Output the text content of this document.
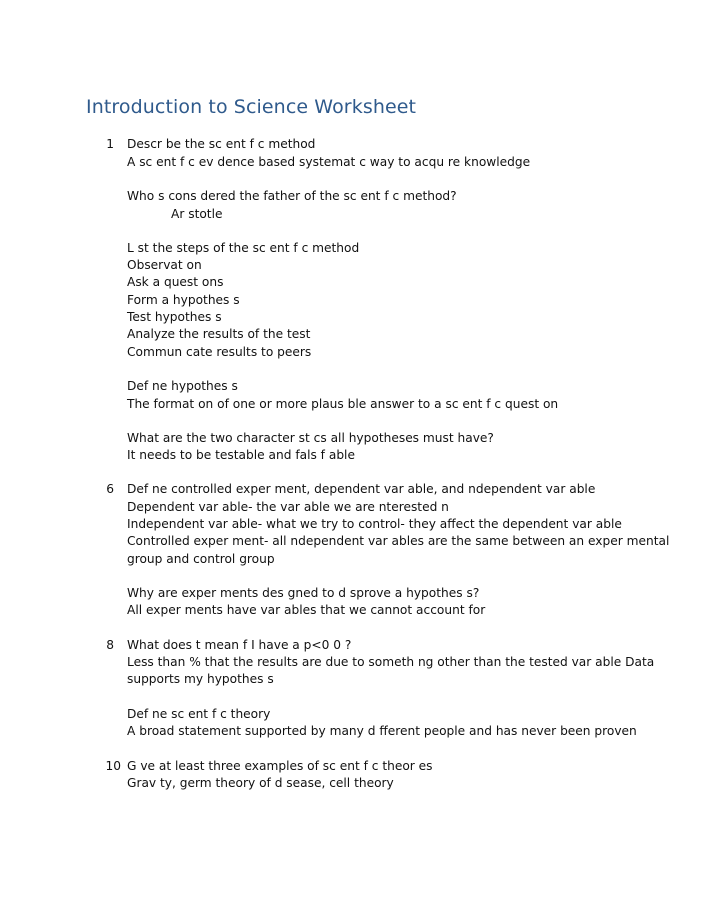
Introduction to Science Worksheet
1 Descr be the sc ent f c method
A sc ent f c ev dence based systemat c way to acqu re knowledge
Who s cons dered the father of the sc ent f c method?
Ar stotle
L st the steps of the sc ent f c method
Observat on
Ask a quest ons
Form a hypothes s
Test hypothes s
Analyze the results of the test
Commun cate results to peers
Def ne hypothes s
The format on of one or more plaus ble answer to a sc ent f c quest on
What are the two character st cs all hypotheses must have?
It needs to be testable and fals f able
6 Def ne controlled exper ment, dependent var able, and ndependent var able
Dependent var able- the var able we are nterested n
Independent var able- what we try to control- they affect the dependent var able
Controlled exper ment- all ndependent var ables are the same between an exper mental
group and control group
Why are exper ments des gned to d sprove a hypothes s?
All exper ments have var ables that we cannot account for
8 What does t mean f I have a p<0 0 ?
Less than % that the results are due to someth ng other than the tested var able Data
supports my hypothes s
Def ne sc ent f c theory
A broad statement supported by many d fferent people and has never been proven
10 G ve at least three examples of sc ent f c theor es
Grav ty, germ theory of d sease, cell theory
